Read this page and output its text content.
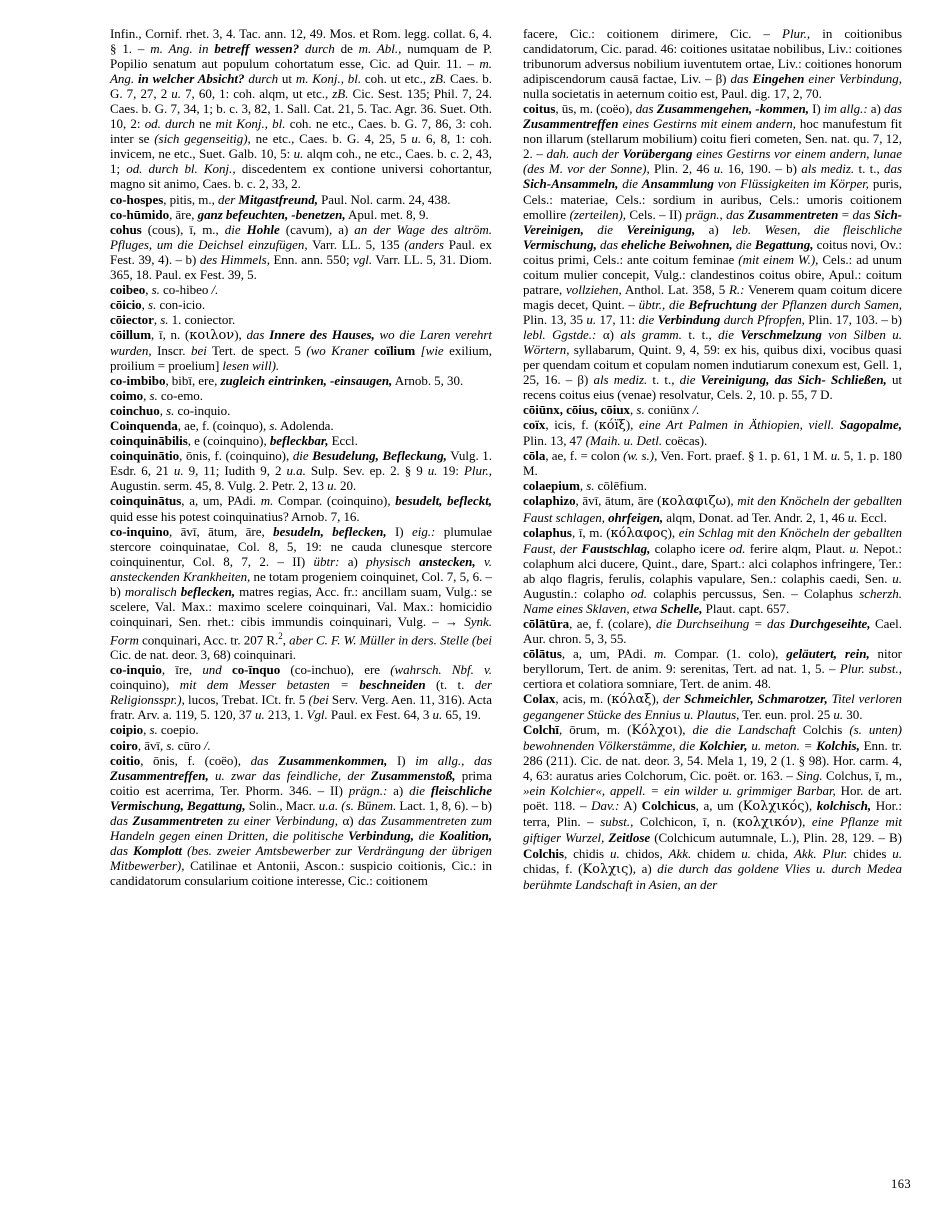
Infin., Cornif. rhet. 3, 4. Tac. ann. 12, 49. Mos. et Rom. legg. collat. 6, 4. § 1. – m. Ang. in betreff wessen? durch de m. Abl., numquam de P. Popilio senatum aut populum cohortatum esse, Cic. ad Quir. 11. – m. Ang. in welcher Absicht? durch ut m. Konj., bl. coh. ut etc., zB. Caes. b. G. 7, 27, 2 u. 7, 60, 1: coh. alqm, ut etc., zB. Cic. Sest. 135; Phil. 7, 24. Caes. b. G. 7, 34, 1; b. c. 3, 82, 1. Sall. Cat. 21, 5. Tac. Agr. 36. Suet. Oth. 10, 2: od. durch ne mit Konj., bl. coh. ne etc., Caes. b. G. 7, 86, 3: coh. inter se (sich gegenseitig), ne etc., Caes. b. G. 4, 25, 5 u. 6, 8, 1: coh. invicem, ne etc., Suet. Galb. 10, 5: u. alqm coh., ne etc., Caes. b. c. 2, 43, 1; od. durch bl. Konj., discedentem ex contione universi cohortantur, magno sit animo, Caes. b. c. 2, 33, 2.

co-hospes, pitis, m., der Mitgastfreund, Paul. Nol. carm. 24, 438.

co-hūmido, āre, ganz befeuchten, -benetzen, Apul. met. 8, 9.

cohus (cous), ī, m., die Hohle (cavum), a) an der Wage des altröm. Pfluges, um die Deichsel einzufügen, Varr. LL. 5, 135 (anders Paul. ex Fest. 39, 4). – b) des Himmels, Enn. ann. 550; vgl. Varr. LL. 5, 31. Diom. 365, 18. Paul. ex Fest. 39, 5.

coibeo, s. co-hibeo /.

cōicio, s. con-icio.

cōiector, s. 1. coniector.

cōillum, ī, n. (κοιλον), das Innere des Hauses, wo die Laren verehrt wurden, Inscr. bei Tert. de spect. 5 (wo Kraner coïlium [wie exilium, proilium = proelium] lesen will).

co-imbibo, bibī, ere, zugleich eintrinken, -einsaugen, Arnob. 5, 30.

coimo, s. co-emo.

coinchuo, s. co-inquio.

Coinquenda, ae, f. (coinquo), s. Adolenda.

coinquinābilis, e (coinquino), befleckbar, Eccl.

coinquinātio, ōnis, f. (coinquino), die Besudelung, Befleckung, Vulg. 1. Esdr. 6, 21 u. 9, 11; Iudith 9, 2 u.a. Sulp. Sev. ep. 2. § 9 u. 19: Plur., Augustin. serm. 45, 8. Vulg. 2. Petr. 2, 13 u. 20.

coinquinātus, a, um, PAdi. m. Compar. (coinquino), besudelt, befleckt, quid esse his potest coinquinatius? Arnob. 7, 16.

co-inquino, āvī, ātum, āre, besudeln, beflecken, I) eig.: plumulae stercore coinquinatae, Col. 8, 5, 19: ne cauda clunesque stercore coinquinentur, Col. 8, 7, 2. – II) übtr: a) physisch anstecken, v. ansteckenden Krankheiten, ne totam progeniem coinquinet, Col. 7, 5, 6. – b) moralisch beflecken, matres regias, Acc. fr.: ancillam suam, Vulg.: se scelere, Val. Max.: maximo scelere coinquinari, Val. Max.: homicidio coinquinari, Sen. rhet.: cibis immundis coinquinari, Vulg. – → Synk. Form conquinari, Acc. tr. 207 R.$^2$, aber C. F. W. Müller in ders. Stelle (bei Cic. de nat. deor. 3, 68) coinquinari.

co-inquio, īre, und co-īnquo (co-inchuo), ere (wahrsch. Nbf. v. coinquino), mit dem Messer betasten = beschneiden (t. t. der Religionsspr.), lucos, Trebat. ICt. fr. 5 (bei Serv. Verg. Aen. 11, 316). Acta fratr. Arv. a. 119, 5. 120, 37 u. 213, 1. Vgl. Paul. ex Fest. 64, 3 u. 65, 19.

coipio, s. coepio.

coiro, āvī, s. cūro /.

coitio, ōnis, f. (coëo), das Zusammenkommen, I) im allg., das Zusammentreffen, u. zwar das feindliche, der Zusammenstoß, prima coitio est acerrima, Ter. Phorm. 346. – II) prägn.: a) die fleischliche Vermischung, Begattung, Solin., Macr. u.a. (s. Bünem. Lact. 1, 8, 6). – b) das Zusammentreten zu einer Verbindung, α) das Zusammentreten zum Handeln gegen einen Dritten, die politische Verbindung, die Koalition, das Komplott (bes. zweier Amtsbewerber zur Verdrängung der übrigen Mitbewerber), Catilinae et Antonii, Ascon.: suspicio coitionis, Cic.: in candidatorum consularium coitione interesse, Cic.: coitionem

facere, Cic.: coitionem dirimere, Cic. – Plur., in coitionibus candidatorum, Cic. parad. 46: coitiones usitatae nobilibus, Liv.: coitiones tribunorum adversus nobilium iuventutem ortae, Liv.: coitiones honorum adipiscendorum causā factae, Liv. – β) das Eingehen einer Verbindung, nulla societatis in aeternum coitio est, Paul. dig. 17, 2, 70.

coitus, ūs, m. (coëo), das Zusammengehen, -kommen, I) im allg.: a) das Zusammentreffen eines Gestirns mit einem andern, hoc manufestum fit non illarum (stellarum mobilium) coitu fieri cometen, Sen. nat. qu. 7, 12, 2. – dah. auch der Vorübergang eines Gestirns vor einem andern, lunae (des M. vor der Sonne), Plin. 2, 46 u. 16, 190. – b) als mediz. t. t., das Sich-Ansammeln, die Ansammlung von Flüssigkeiten im Körper, puris, Cels.: materiae, Cels.: sordium in auribus, Cels.: umoris coitionem emollire (zerteilen), Cels. – II) prägn., das Zusammentreten = das Sich-Vereinigen, die Vereinigung, a) leb. Wesen, die fleischliche Vermischung, das eheliche Beiwohnen, die Begattung, coitus novi, Ov.: coitus primi, Cels.: ante coitum feminae (mit einem W.), Cels.: ad unum coitum mulier concepit, Vulg.: clandestinos coitus obire, Apul.: coitum patrare, vollziehen, Anthol. Lat. 358, 5 R.: Venerem quam coitum dicere magis decet, Quint. – übtr., die Befruchtung der Pflanzen durch Samen, Plin. 13, 35 u. 17, 11: die Verbindung durch Pfropfen, Plin. 17, 103. – b) lebl. Ggstde.: α) als gramm. t. t., die Verschmelzung von Silben u. Wörtern, syllabarum, Quint. 9, 4, 59: ex his, quibus dixi, vocibus quasi per quendam coitum et copulam nomen indutiarum conexum est, Gell. 1, 25, 16. – β) als mediz. t. t., die Vereinigung, das Sich- Schließen, ut recens coitus eius (venae) resolvatur, Cels. 2, 10. p. 55, 7 D.

cōiūnx, cōius, cōiux, s. coniūnx /.

coïx, icis, f. (κóïξ), eine Art Palmen in Äthiopien, viell. Sagopalme, Plin. 13, 47 (Maih. u. Detl. coëcas).

cōla, ae, f. = colon (w. s.), Ven. Fort. praef. § 1. p. 61, 1 M. u. 5, 1. p. 180 M.

colaepium, s. cōlēfium.

colaphizo, āvī, ātum, āre (κολαφιζω), mit den Knöcheln der geballten Faust schlagen, ohrfeigen, alqm, Donat. ad Ter. Andr. 2, 1, 46 u. Eccl.

colaphus, ī, m. (κóλαφος), ein Schlag mit den Knöcheln der geballten Faust, der Faustschlag, colapho icere od. ferire alqm, Plaut. u. Nepot.: colaphum alci ducere, Quint., dare, Spart.: alci colaphos infringere, Ter.: ab alqo flagris, ferulis, colaphis vapulare, Sen.: colaphis caedi, Sen. u. Augustin.: colapho od. colaphis percussus, Sen. – Colaphus scherzh. Name eines Sklaven, etwa Schelle, Plaut. capt. 657.

cōlātūra, ae, f. (colare), die Durchseihung = das Durchgeseihte, Cael. Aur. chron. 5, 3, 55.

cōlātus, a, um, PAdi. m. Compar. (1. colo), geläutert, rein, nitor beryllorum, Tert. de anim. 9: serenitas, Tert. ad nat. 1, 5. – Plur. subst., certiora et colatiora somniare, Tert. de anim. 48.

Colax, acis, m. (κóλαξ), der Schmeichler, Schmarotzer, Titel verloren gegangener Stücke des Ennius u. Plautus, Ter. eun. prol. 25 u. 30.

Colchī, ōrum, m. (Κóλχοι), die die Landschaft Colchis (s. unten) bewohnenden Völkerstämme, die Kolchier, u. meton. = Kolchis, Enn. tr. 286 (211). Cic. de nat. deor. 3, 54. Mela 1, 19, 2 (1. § 98). Hor. carm. 4, 4, 63: auratus aries Colchorum, Cic. poët. or. 163. – Sing. Colchus, ī, m., »ein Kolchier«, appell. = ein wilder u. grimmiger Barbar, Hor. de art. poët. 118. – Dav.: A) Colchicus, a, um (Κολχικóς), kolchisch, Hor.: terra, Plin. – subst., Colchicon, ī, n. (κολχικóν), eine Pflanze mit giftiger Wurzel, Zeitlose (Colchicum autumnale, L.), Plin. 28, 129. – B) Colchis, chidis u. chidos, Akk. chidem u. chida, Akk. Plur. chides u. chidas, f. (Κολχις), a) die durch das goldene Vlies u. durch Medea berühmte Landschaft in Asien, an der

163
